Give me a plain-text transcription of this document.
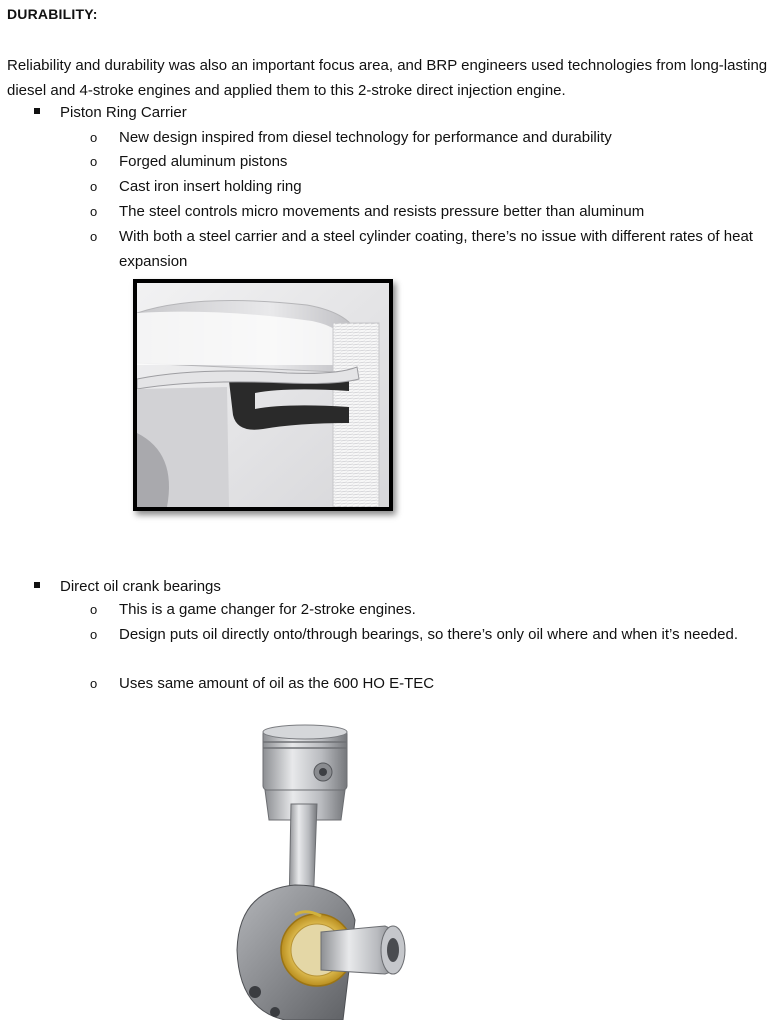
DURABILITY:
Reliability and durability was also an important focus area, and BRP engineers used technologies from long-lasting diesel and 4-stroke engines and applied them to this 2-stroke direct injection engine.
Piston Ring Carrier
o	New design inspired from diesel technology for performance and durability
o	Forged aluminum pistons
o	Cast iron insert holding ring
o	The steel controls micro movements and resists pressure better than aluminum
o	With both a steel carrier and a steel cylinder coating, there’s no issue with different rates of heat expansion
Direct oil crank bearings
o	This is a game changer for 2-stroke engines.
o	Design puts oil directly onto/through bearings, so there’s only oil where and when it’s needed.
o	Uses same amount of oil as the 600 HO E-TEC
